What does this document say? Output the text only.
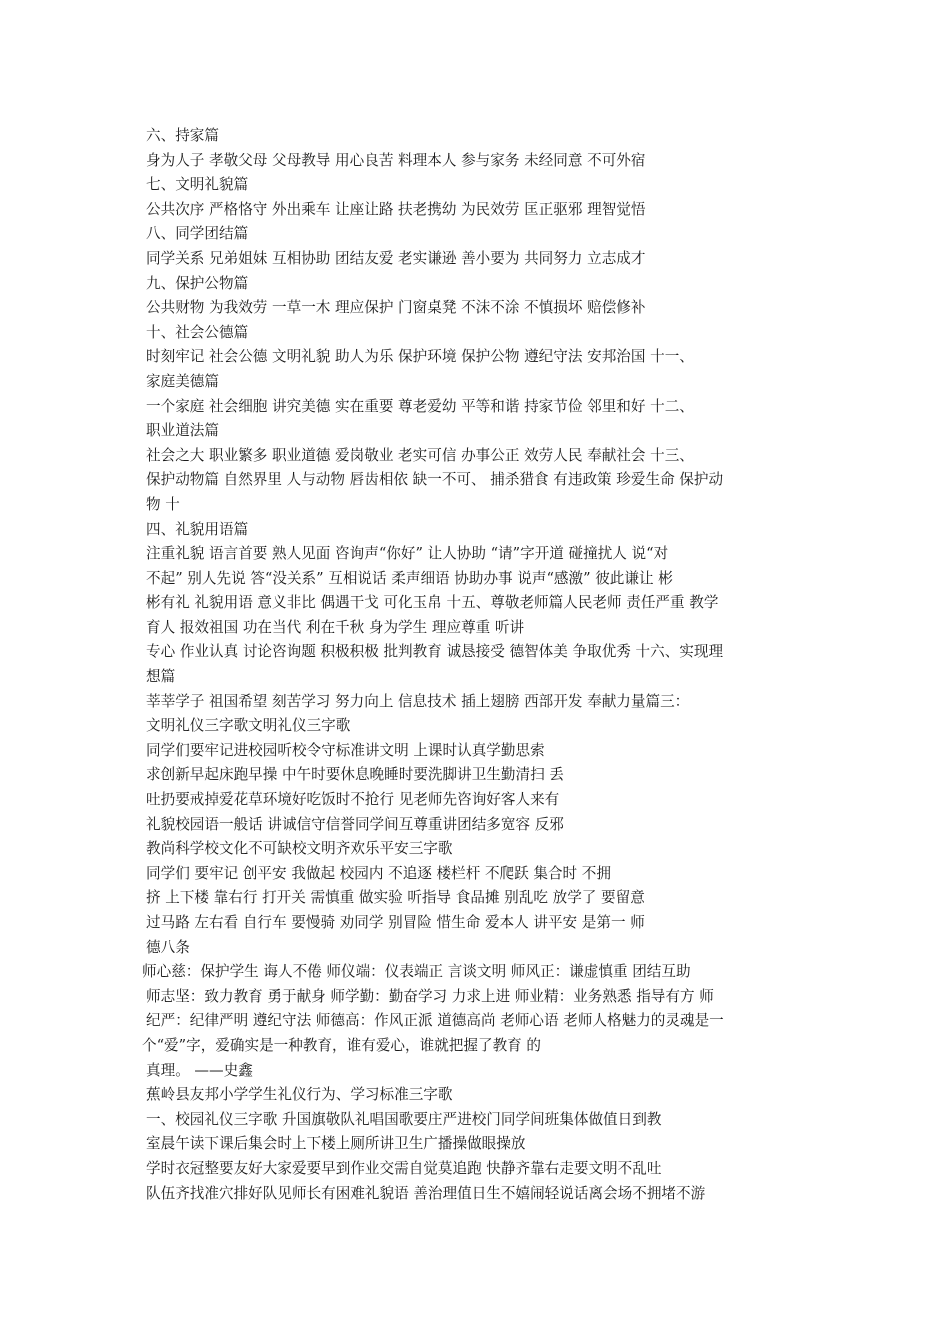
六、持家篇
身为人子 孝敬父母 父母教导 用心良苦 料理本人 参与家务 未经同意 不可外宿
七、文明礼貌篇
公共次序 严格恪守 外出乘车 让座让路 扶老携幼 为民效劳 匡正驱邪 理智觉悟
八、同学团结篇
同学关系 兄弟姐妹 互相协助 团结友爱 老实谦逊 善小要为 共同努力 立志成才
九、保护公物篇
公共财物 为我效劳 一草一木 理应保护 门窗桌凳 不沫不涂 不慎损坏 赔偿修补
十、社会公德篇
时刻牢记 社会公德 文明礼貌 助人为乐 保护环境 保护公物 遵纪守法 安邦治国 十一、
家庭美德篇
一个家庭 社会细胞 讲究美德 实在重要 尊老爱幼 平等和谐 持家节俭 邻里和好 十二、
职业道法篇
社会之大 职业繁多 职业道德 爱岗敬业 老实可信 办事公正 效劳人民 奉献社会 十三、
保护动物篇 自然界里 人与动物 唇齿相依 缺一不可、 捕杀猎食 有违政策 珍爱生命 保护动
物 十
四、礼貌用语篇
注重礼貌 语言首要 熟人见面 咨询声“你好” 让人协助 “请”字开道 碰撞扰人 说“对
不起” 别人先说 答“没关系” 互相说话 柔声细语 协助办事 说声“感激” 彼此谦让 彬
彬有礼 礼貌用语 意义非比 偶遇干戈 可化玉帛 十五、尊敬老师篇人民老师 责任严重 教学
育人 报效祖国 功在当代 利在千秋 身为学生 理应尊重 听讲
专心 作业认真 讨论咨询题 积极积极 批判教育 诚恳接受 德智体美 争取优秀 十六、实现理
想篇
莘莘学子 祖国希望 刻苦学习 努力向上 信息技术 插上翅膀 西部开发 奉献力量篇三：
文明礼仪三字歌文明礼仪三字歌
同学们要牢记进校园听校令守标准讲文明 上课时认真学勤思索
求创新早起床跑早操 中午时要休息晚睡时要洗脚讲卫生勤清扫 丢
吐扔要戒掉爱花草环境好吃饭时不抢行 见老师先咨询好客人来有
礼貌校园语一般话 讲诚信守信誉同学间互尊重讲团结多宽容 反邪
教尚科学校文化不可缺校文明齐欢乐平安三字歌
同学们 要牢记 创平安 我做起 校园内 不追逐 楼栏杆 不爬跃 集合时 不拥
挤 上下楼 靠右行 打开关 需慎重 做实验 听指导 食品摊 别乱吃 放学了 要留意
过马路 左右看 自行车 要慢骑 劝同学 别冒险 惜生命 爱本人 讲平安 是第一 师
德八条
师心慈：保护学生 诲人不倦 师仪端：仪表端正 言谈文明 师风正：谦虚慎重 团结互助
师志坚：致力教育 勇于献身 师学勤：勤奋学习 力求上进 师业精：业务熟悉 指导有方 师
纪严：纪律严明 遵纪守法 师德高：作风正派 道德高尚 老师心语 老师人格魅力的灵魂是一
个“爱”字，爱确实是一种教育，谁有爱心，谁就把握了教育 的
真理。 ——史鑫
蕉岭县友邦小学学生礼仪行为、学习标准三字歌
一、校园礼仪三字歌 升国旗敬队礼唱国歌要庄严进校门同学间班集体做值日到教
室晨午读下课后集会时上下楼上厕所讲卫生广播操做眼操放
学时衣冠整要友好大家爱要早到作业交需自觉莫追跑 快静齐靠右走要文明不乱吐
队伍齐找准穴排好队见师长有困难礼貌语 善治理值日生不嬉闹轻说话离会场不拥堵不游
